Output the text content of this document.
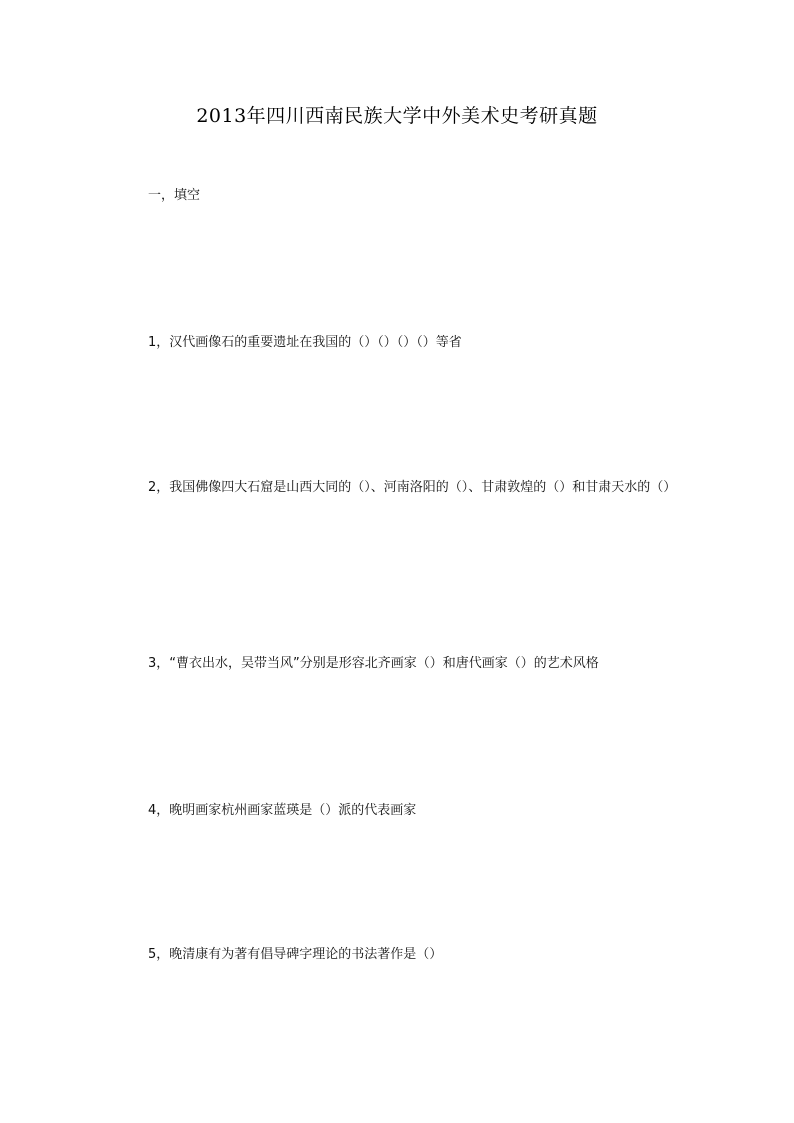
2013年四川西南民族大学中外美术史考研真题
一，填空
1，汉代画像石的重要遗址在我国的（）（）（）（）等省
2，我国佛像四大石窟是山西大同的（）、河南洛阳的（）、甘肃敦煌的（）和甘肃天水的（）
3，“曹衣出水，吴带当风”分别是形容北齐画家（）和唐代画家（）的艺术风格
4，晚明画家杭州画家蓝瑛是（）派的代表画家
5，晚清康有为著有倡导碑字理论的书法著作是（）
